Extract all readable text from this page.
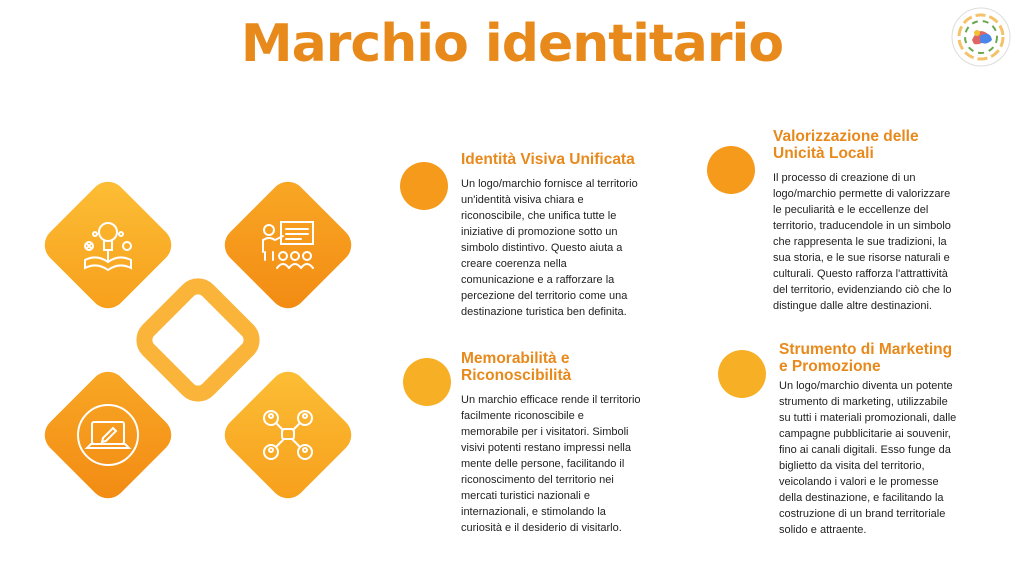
Marchio identitario
Identità Visiva Unificata
Un logo/marchio fornisce al territorio
un'identità visiva chiara e
riconoscibile, che unifica tutte le
iniziative di promozione sotto un
simbolo distintivo. Questo aiuta a
creare coerenza nella
comunicazione e a rafforzare la
percezione del territorio come una
destinazione turistica ben definita.
Valorizzazione delle
Unicità Locali
Il processo di creazione di un
logo/marchio permette di valorizzare
le peculiarità e le eccellenze del
territorio, traducendole in un simbolo
che rappresenta le sue tradizioni, la
sua storia, e le sue risorse naturali e
culturali. Questo rafforza l'attrattività
del territorio, evidenziando ciò che lo
distingue dalle altre destinazioni.
Memorabilità e
Riconoscibilità
Un marchio efficace rende il territorio
facilmente riconoscibile e
memorabile per i visitatori. Simboli
visivi potenti restano impressi nella
mente delle persone, facilitando il
riconoscimento del territorio nei
mercati turistici nazionali e
internazionali, e stimolando la
curiosità e il desiderio di visitarlo.
Strumento di Marketing
e Promozione
Un logo/marchio diventa un potente
strumento di marketing, utilizzabile
su tutti i materiali promozionali, dalle
campagne pubblicitarie ai souvenir,
fino ai canali digitali. Esso funge da
biglietto da visita del territorio,
veicolando i valori e le promesse
della destinazione, e facilitando la
costruzione di un brand territoriale
solido e attraente.
